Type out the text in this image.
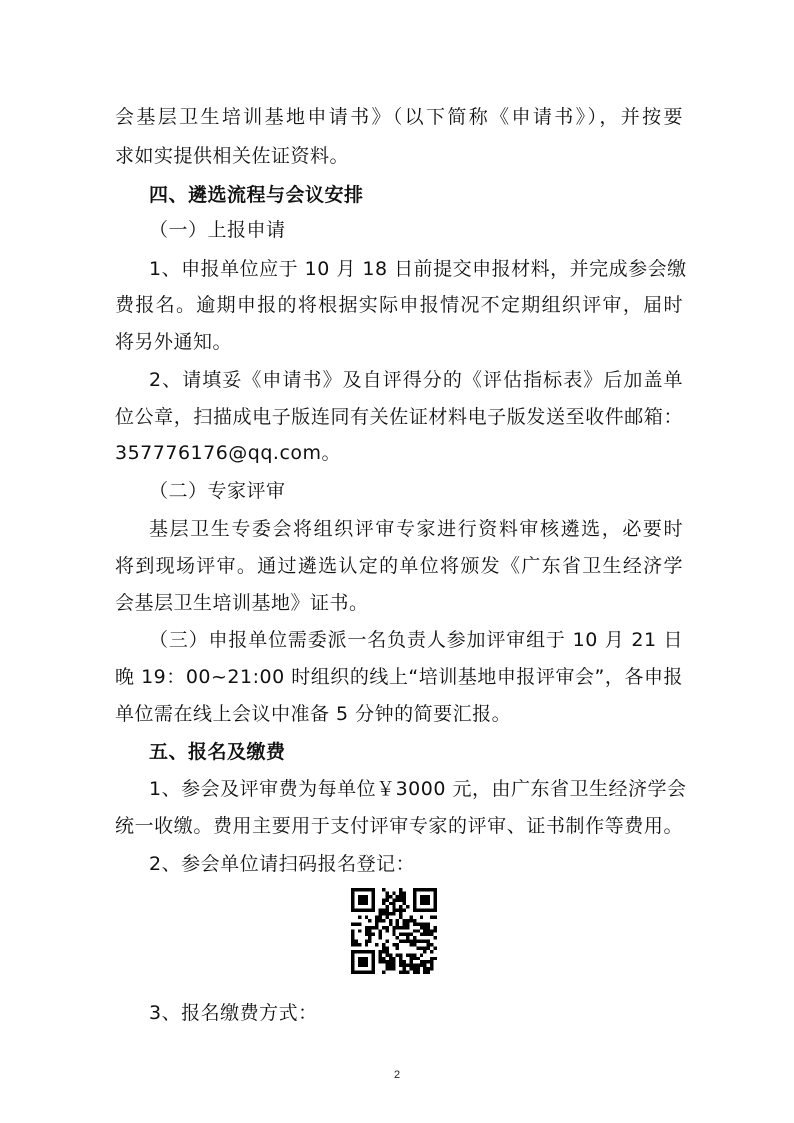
会基层卫生培训基地申请书》（以下简称《申请书》），并按要
求如实提供相关佐证资料。
四、遴选流程与会议安排
（一）上报申请
1、申报单位应于 10 月 18 日前提交申报材料，并完成参会缴
费报名。逾期申报的将根据实际申报情况不定期组织评审，届时
将另外通知。
2、请填妥《申请书》及自评得分的《评估指标表》后加盖单
位公章，扫描成电子版连同有关佐证材料电子版发送至收件邮箱：
357776176@qq.com。
（二）专家评审
基层卫生专委会将组织评审专家进行资料审核遴选，必要时
将到现场评审。通过遴选认定的单位将颁发《广东省卫生经济学
会基层卫生培训基地》证书。
（三）申报单位需委派一名负责人参加评审组于 10 月 21 日
晚 19：00~21:00 时组织的线上“培训基地申报评审会”，各申报
单位需在线上会议中准备 5 分钟的简要汇报。
五、报名及缴费
1、参会及评审费为每单位￥3000 元，由广东省卫生经济学会
统一收缴。费用主要用于支付评审专家的评审、证书制作等费用。
2、参会单位请扫码报名登记：
3、报名缴费方式：
2
